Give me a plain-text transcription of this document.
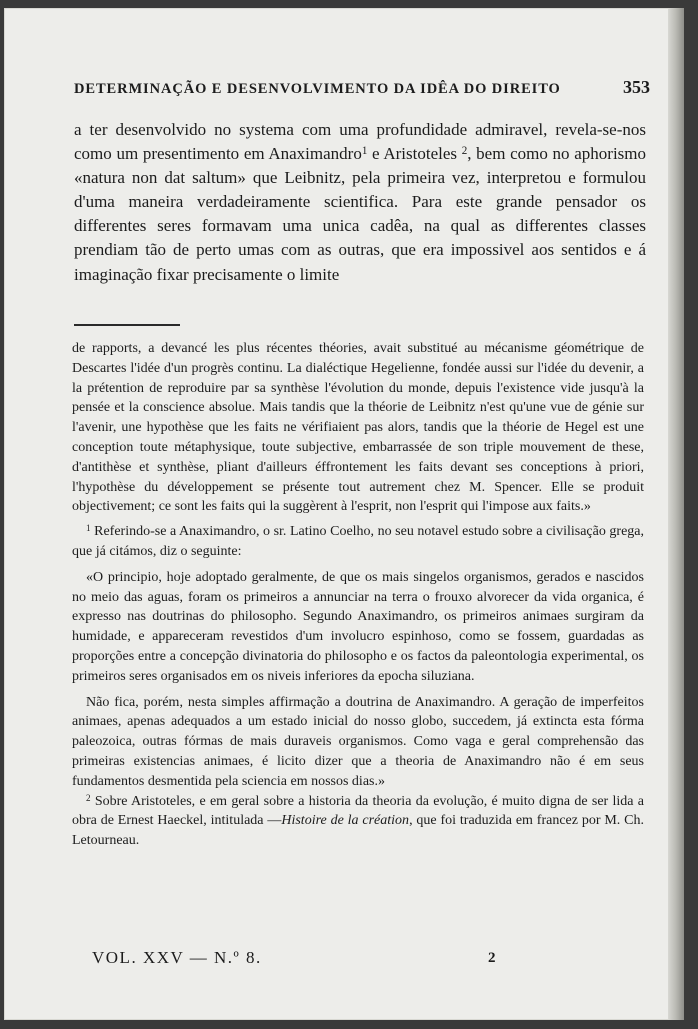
DETERMINAÇÃO E DESENVOLVIMENTO DA IDÊA DO DIREITO	353

a ter desenvolvido no systema com uma profundidade admiravel, revela-se-nos como um presentimento em Anaximandro$^1$ e Aristoteles $^2$, bem como no aphorismo «natura non dat saltum» que Leibnitz, pela primeira vez, interpretou e formulou d'uma maneira verdadeiramente scientifica. Para este grande pensador os differentes seres formavam uma unica cadêa, na qual as differentes classes prendiam tão de perto umas com as outras, que era impossivel aos sentidos e á imaginação fixar precisamente o limite

de rapports, a devancé les plus récentes théories, avait substitué au mécanisme géométrique de Descartes l'idée d'un progrès continu. La dialéctique Hegelienne, fondée aussi sur l'idée du devenir, a la prétention de reproduire par sa synthèse l'évolution du monde, depuis l'existence vide jusqu'à la pensée et la conscience absolue. Mais tandis que la théorie de Leibnitz n'est qu'une vue de génie sur l'avenir, une hypothèse que les faits ne vérifiaient pas alors, tandis que la théorie de Hegel est une conception toute métaphysique, toute subjective, embarrassée de son triple mouvement de these, d'antithèse et synthèse, pliant d'ailleurs éffrontement les faits devant ses conceptions à priori, l'hypothèse du développement se présente tout autrement chez M. Spencer. Elle se produit objectivement; ce sont les faits qui la suggèrent à l'esprit, non l'esprit qui l'impose aux faits.»

$^1$ Referindo-se a Anaximandro, o sr. Latino Coelho, no seu notavel estudo sobre a civilisação grega, que já citámos, diz o seguinte:

«O principio, hoje adoptado geralmente, de que os mais singelos organismos, gerados e nascidos no meio das aguas, foram os primeiros a annunciar na terra o frouxo alvorecer da vida organica, é expresso nas doutrinas do philosopho. Segundo Anaximandro, os primeiros animaes surgiram da humidade, e appareceram revestidos d'um involucro espinhoso, como se fossem, guardadas as proporções entre a concepção divinatoria do philosopho e os factos da paleontologia experimental, os primeiros seres organisados em os niveis inferiores da epocha siluziana.

Não fica, porém, nesta simples affirmação a doutrina de Anaximandro. A geração de imperfeitos animaes, apenas adequados a um estado inicial do nosso globo, succedem, já extincta esta fórma paleozoica, outras fórmas de mais duraveis organismos. Como vaga e geral comprehensão das primeiras existencias animaes, é licito dizer que a theoria de Anaximandro não é em seus fundamentos desmentida pela sciencia em nossos dias.»

$^2$ Sobre Aristoteles, e em geral sobre a historia da theoria da evolução, é muito digna de ser lida a obra de Ernest Haeckel, intitulada —Histoire de la création, que foi traduzida em francez por M. Ch. Letourneau.

VOL. XXV — N.º 8.	2
